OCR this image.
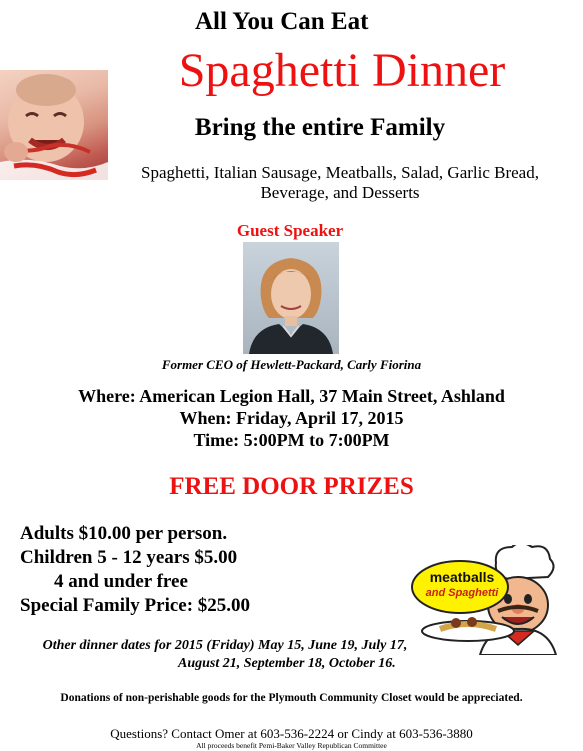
All You Can Eat
Spaghetti Dinner
Bring the entire Family
Spaghetti, Italian Sausage, Meatballs, Salad, Garlic Bread,
Beverage, and Desserts
Guest Speaker
Former CEO of Hewlett-Packard, Carly Fiorina
Where: American Legion Hall, 37 Main Street, Ashland
When: Friday, April 17, 2015
Time: 5:00PM to 7:00PM
FREE DOOR PRIZES
Adults $10.00 per person.
Children 5 - 12 years $5.00
4 and under free
Special Family Price: $25.00
meatballs
and Spaghetti
Other dinner dates for 2015 (Friday) May 15, June 19, July 17,
August 21, September 18, October 16.
Donations of non-perishable goods for the Plymouth Community Closet would be appreciated.
Questions? Contact Omer at 603-536-2224 or Cindy at 603-536-3880
All proceeds benefit Pemi-Baker Valley Republican Committee
